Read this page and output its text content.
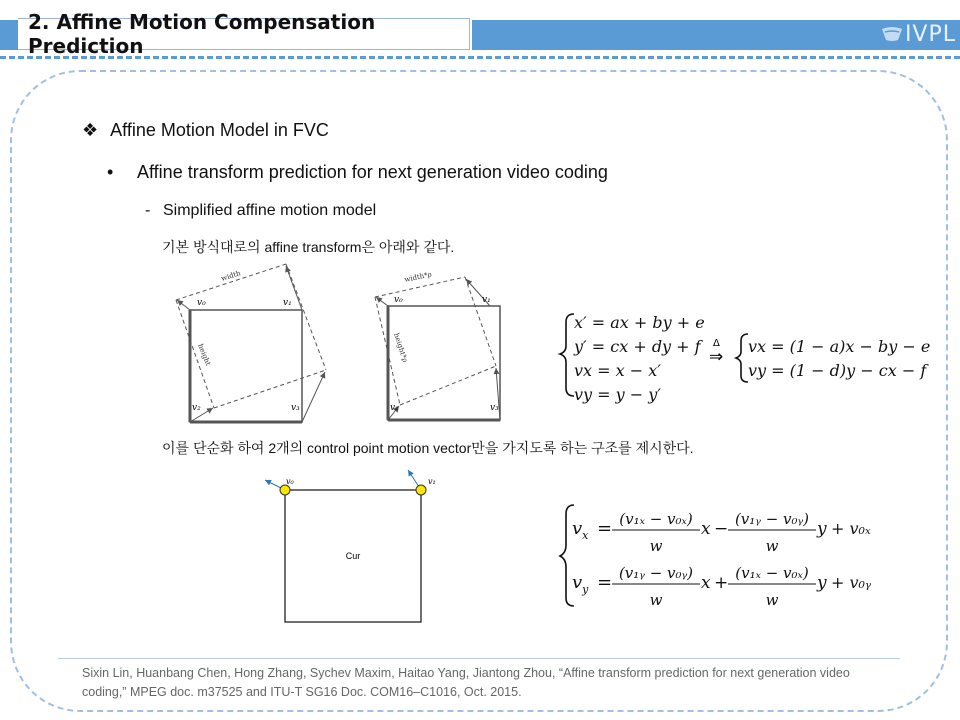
2. Affine Motion Compensation Prediction	IVPL
❖ Affine Motion Model in FVC
• Affine transform prediction for next generation video coding
- Simplified affine motion model
기본 방식대로의 affine transform은 아래와 같다.
이를 단순화 하여 2개의 control point motion vector만을 가지도록 하는 구조를 제시한다.
width
height
v₀	v₁
v₂	v₃
width*ρ
height*ρ
v₀	v₁
v₂	v₃
x′ = ax + by + e
y′ = cx + dy + f
vx = x − x′
vy = y − y′
Δ
⇒
vx = (1 − a)x − by − e
vy = (1 − d)y − cx − f
Cur
v₀	v₁
$v_x = (v_{1x} - v_{0x})$
w
x − (v₁ᵧ − v₀ᵧ)
w
y + v₀ₓ
$v_y$ = (v₁ᵧ − v₀ᵧ)
w
x + (v₁ₓ − v₀ₓ)
w
y + v₀ᵧ
Sixin Lin, Huanbang Chen, Hong Zhang, Sychev Maxim, Haitao Yang, Jiantong Zhou, “Affine transform prediction for next generation video coding,” MPEG doc. m37525 and ITU-T SG16 Doc. COM16–C1016, Oct. 2015.
